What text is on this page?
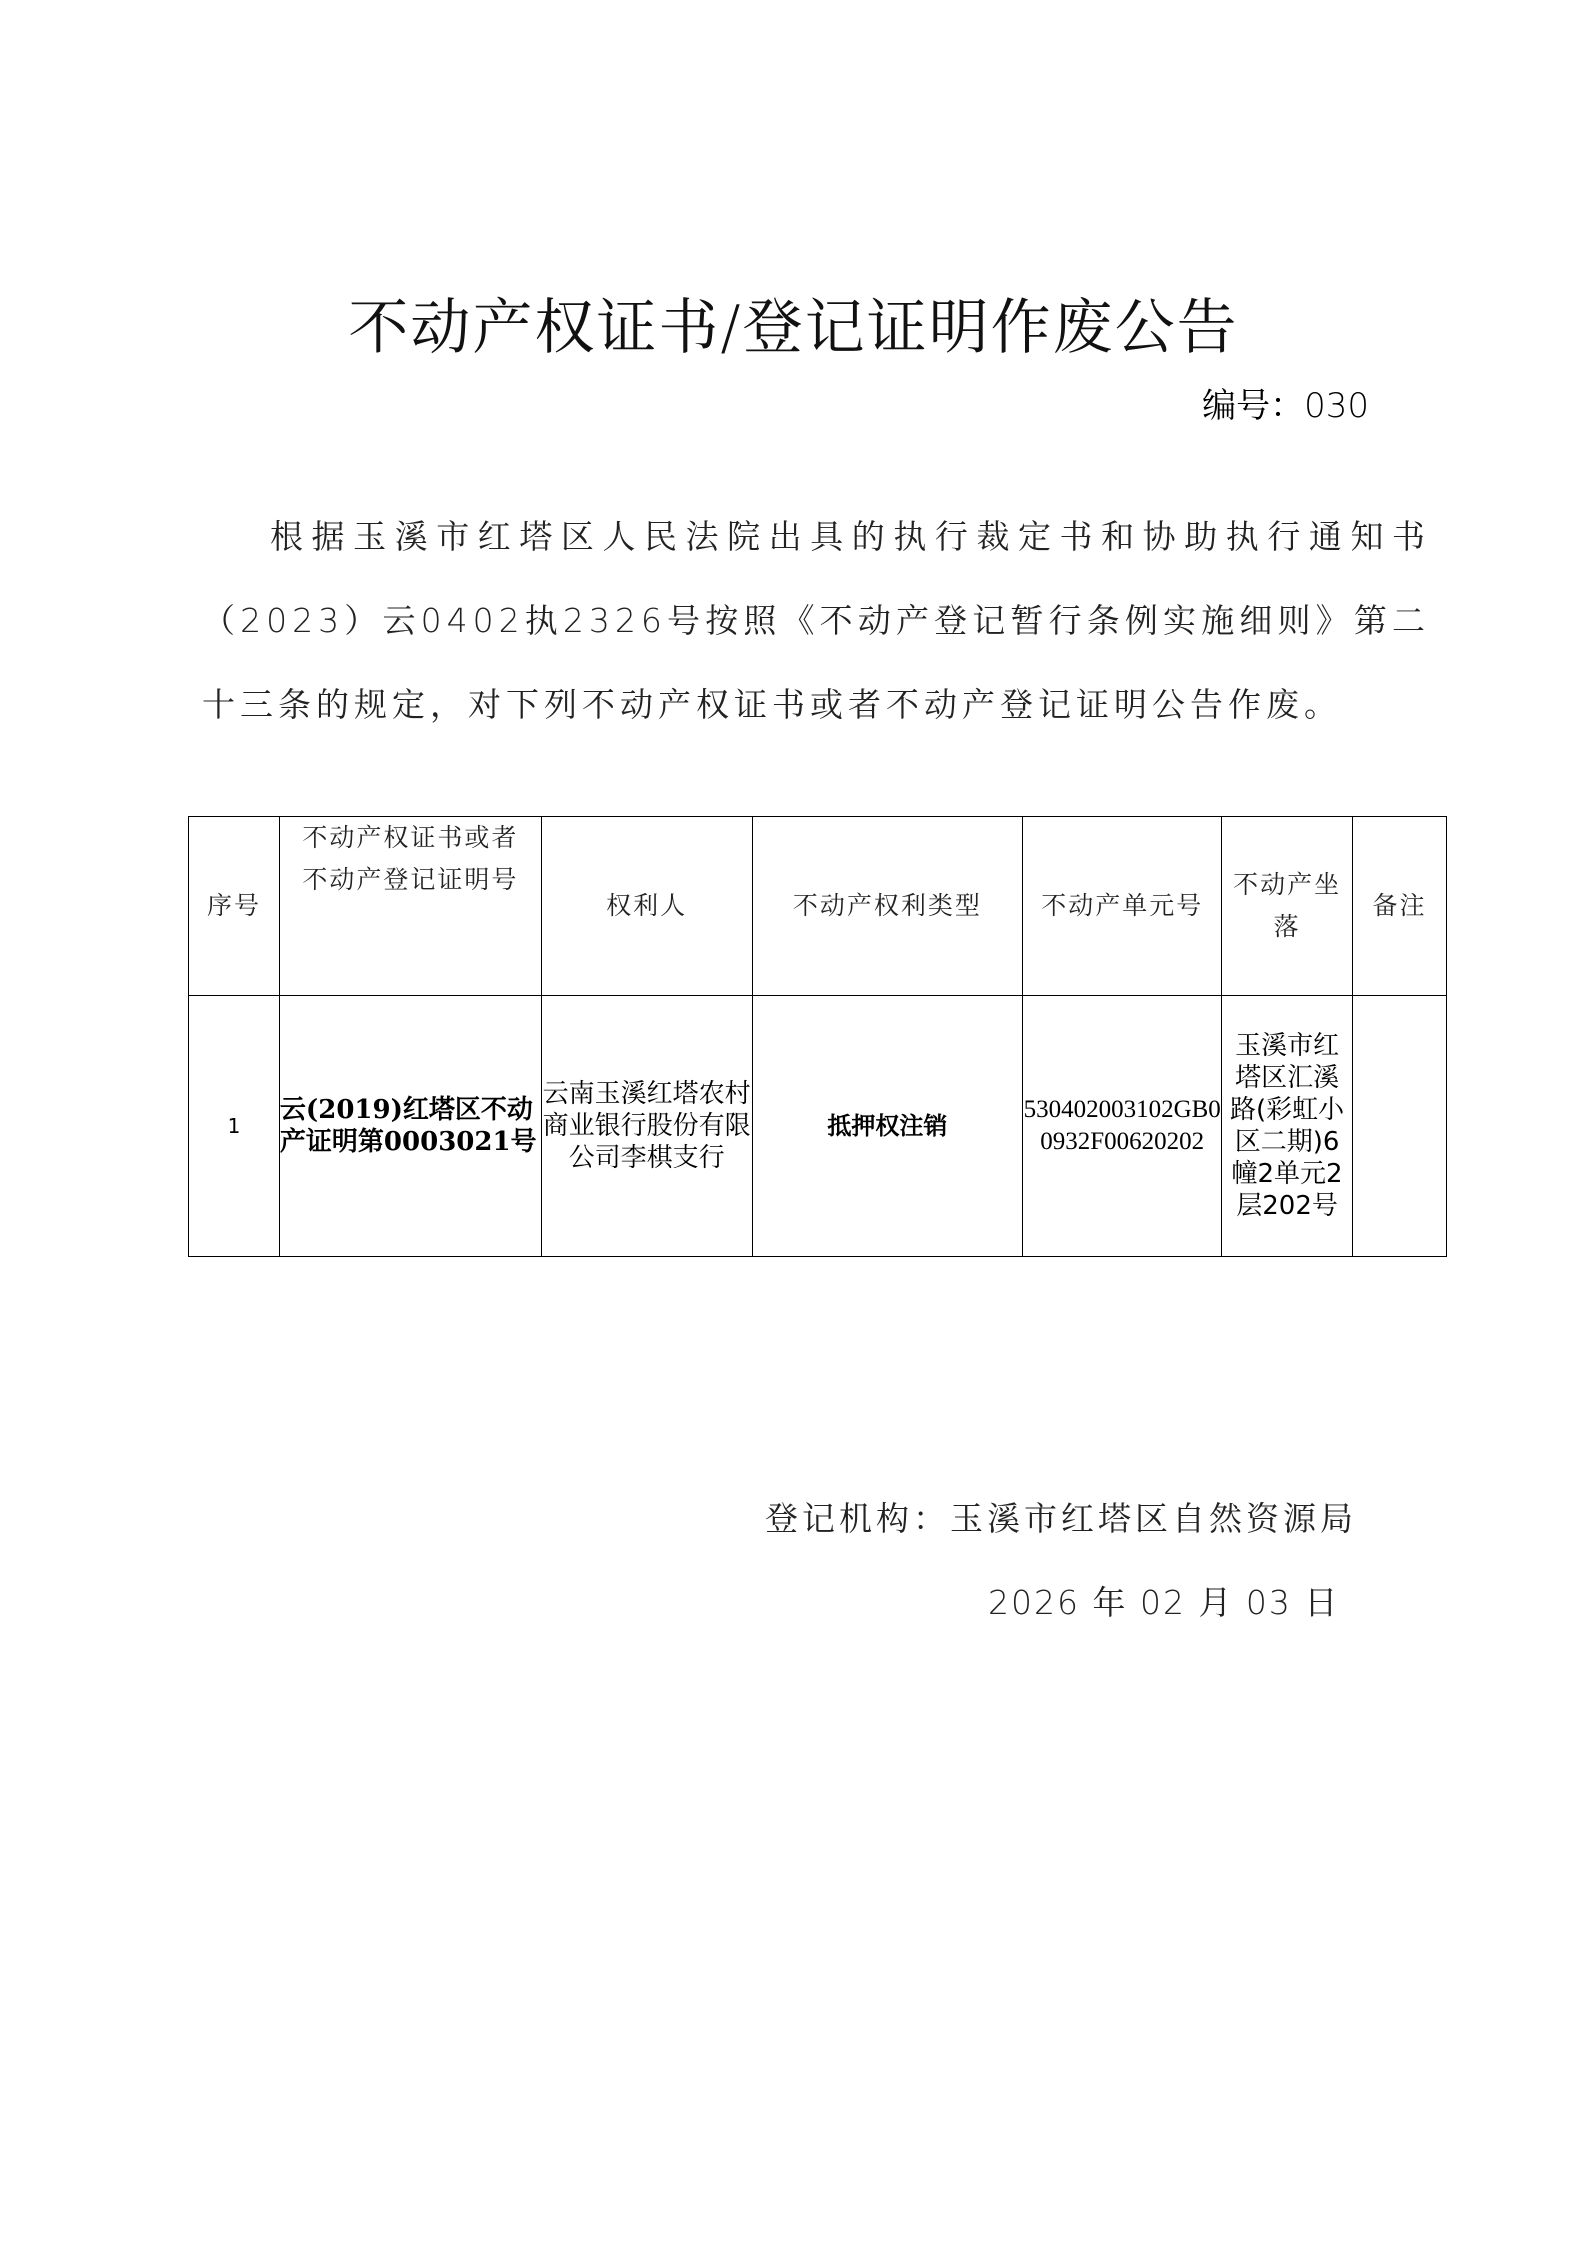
不动产权证书/登记证明作废公告
编号：030
根据玉溪市红塔区人民法院出具的执行裁定书和协助执行通知书（2023）云0402执2326号按照《不动产登记暂行条例实施细则》第二十三条的规定，对下列不动产权证书或者不动产登记证明公告作废。
序号	不动产权证书或者不动产登记证明号	权利人	不动产权利类型	不动产单元号	不动产坐落	备注
1	云(2019)红塔区不动产证明第0003021号	云南玉溪红塔农村商业银行股份有限公司李棋支行	抵押权注销	530402003102GB00932F00620202	玉溪市红塔区汇溪路(彩虹小区二期)6幢2单元2层202号	
登记机构：玉溪市红塔区自然资源局
2026 年 02 月 03 日
